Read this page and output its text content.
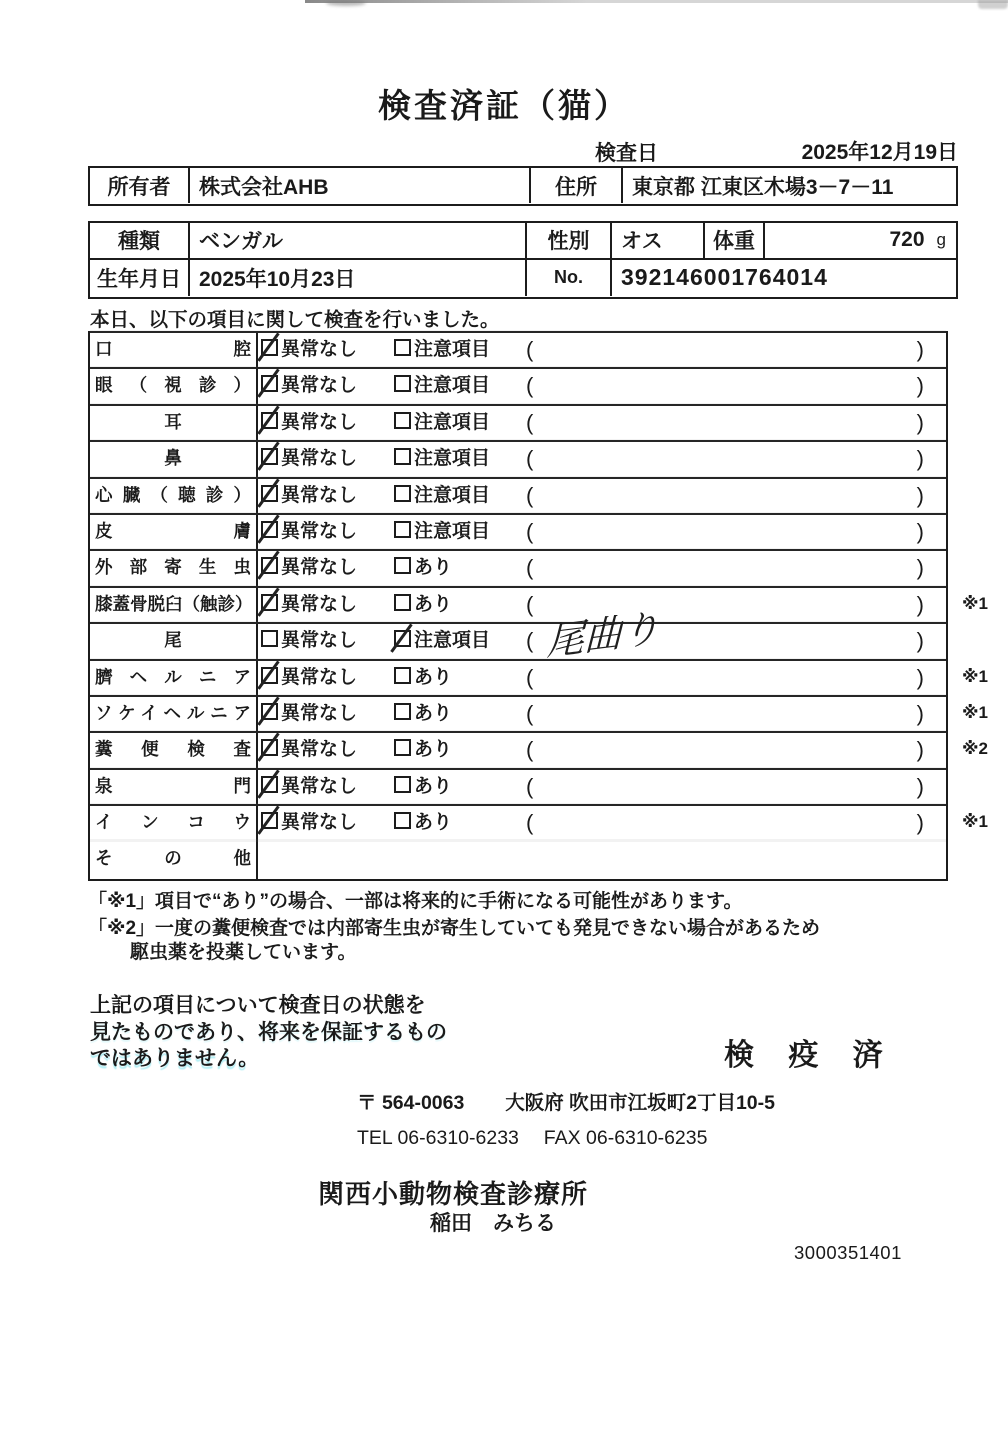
検査済証（猫）
検査日	2025年12月19日
所有者	株式会社AHB	住所	東京都 江東区木場3－7－11
種類	ベンガル	性別	オス	体重	720 g
生年月日 2025年10月23日	No.	392146001764014
本日、以下の項目に関して検査を行いました。
口腔	異常なし	注意項目 (	)
眼（視診）	異常なし	注意項目 (	)
耳	異常なし	注意項目 (	)
鼻	異常なし	注意項目 (	)
心臓（聴診）	異常なし	注意項目 (	)
皮膚	異常なし	注意項目 (	)
外部寄生虫	異常なし	あり	(	)
膝蓋骨脱臼（触診）	異常なし	あり	(	) ※1
尾	異常なし	注意項目 ( 尾曲り	)
臍ヘルニア	異常なし	あり	(	) ※1
ソケイヘルニア	異常なし	あり	(	) ※1
糞便検査	異常なし	あり	(	) ※2
泉門	異常なし	あり	(	)
インコウ	異常なし	あり	(	) ※1
その他
「※1」項目で“あり”の場合、一部は将来的に手術になる可能性があります。
「※2」一度の糞便検査では内部寄生虫が寄生していても発見できない場合があるため
駆虫薬を投薬しています。
上記の項目について検査日の状態を
見たものであり、将来を保証するもの
ではありません。	検 疫 済
〒 564-0063 大阪府 吹田市江坂町2丁目10-5
TEL 06-6310-6233 FAX 06-6310-6235
関西小動物検査診療所
稲田　みちる
3000351401
